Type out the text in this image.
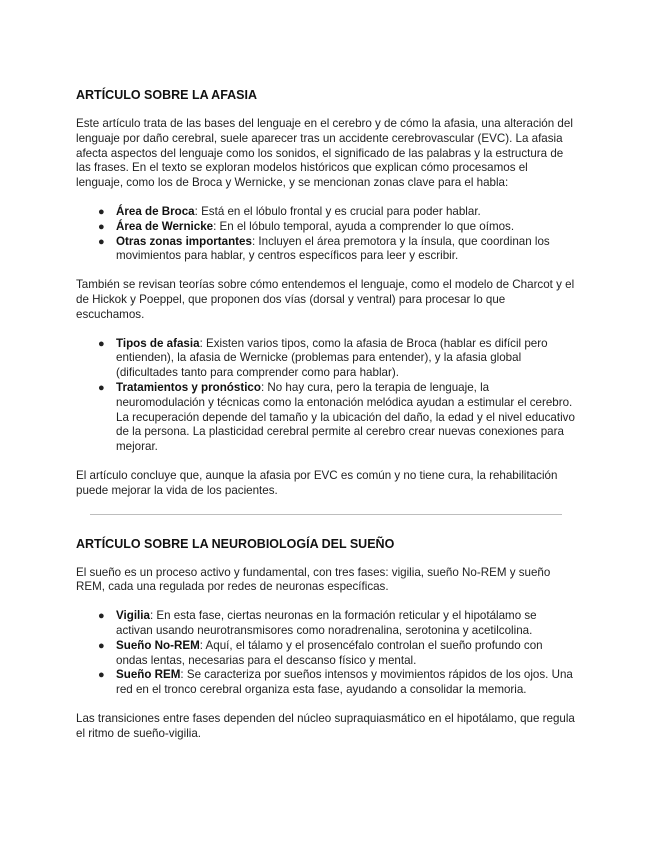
ARTÍCULO SOBRE LA AFASIA

Este artículo trata de las bases del lenguaje en el cerebro y de cómo la afasia, una alteración del lenguaje por daño cerebral, suele aparecer tras un accidente cerebrovascular (EVC). La afasia afecta aspectos del lenguaje como los sonidos, el significado de las palabras y la estructura de las frases. En el texto se exploran modelos históricos que explican cómo procesamos el lenguaje, como los de Broca y Wernicke, y se mencionan zonas clave para el habla:

● Área de Broca: Está en el lóbulo frontal y es crucial para poder hablar.
● Área de Wernicke: En el lóbulo temporal, ayuda a comprender lo que oímos.
● Otras zonas importantes: Incluyen el área premotora y la ínsula, que coordinan los movimientos para hablar, y centros específicos para leer y escribir.

También se revisan teorías sobre cómo entendemos el lenguaje, como el modelo de Charcot y el de Hickok y Poeppel, que proponen dos vías (dorsal y ventral) para procesar lo que escuchamos.

● Tipos de afasia: Existen varios tipos, como la afasia de Broca (hablar es difícil pero entienden), la afasia de Wernicke (problemas para entender), y la afasia global (dificultades tanto para comprender como para hablar).
● Tratamientos y pronóstico: No hay cura, pero la terapia de lenguaje, la neuromodulación y técnicas como la entonación melódica ayudan a estimular el cerebro. La recuperación depende del tamaño y la ubicación del daño, la edad y el nivel educativo de la persona. La plasticidad cerebral permite al cerebro crear nuevas conexiones para mejorar.

El artículo concluye que, aunque la afasia por EVC es común y no tiene cura, la rehabilitación puede mejorar la vida de los pacientes.

ARTÍCULO SOBRE LA NEUROBIOLOGÍA DEL SUEÑO

El sueño es un proceso activo y fundamental, con tres fases: vigilia, sueño No-REM y sueño REM, cada una regulada por redes de neuronas específicas.

● Vigilia: En esta fase, ciertas neuronas en la formación reticular y el hipotálamo se activan usando neurotransmisores como noradrenalina, serotonina y acetilcolina.
● Sueño No-REM: Aquí, el tálamo y el prosencéfalo controlan el sueño profundo con ondas lentas, necesarias para el descanso físico y mental.
● Sueño REM: Se caracteriza por sueños intensos y movimientos rápidos de los ojos. Una red en el tronco cerebral organiza esta fase, ayudando a consolidar la memoria.

Las transiciones entre fases dependen del núcleo supraquiasmático en el hipotálamo, que regula el ritmo de sueño-vigilia.
